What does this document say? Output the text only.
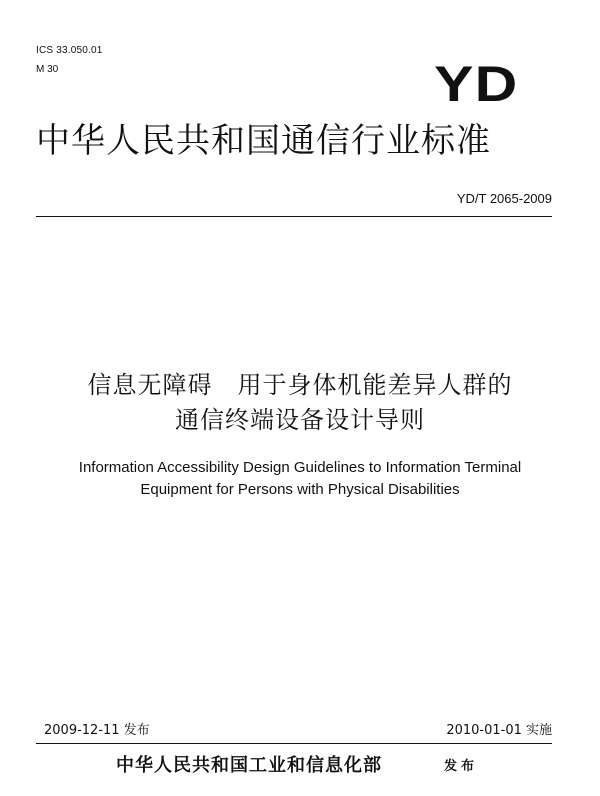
ICS 33.050.01
M 30	YD
中华人民共和国通信行业标准
YD/T 2065-2009
信息无障碍　用于身体机能差异人群的
通信终端设备设计导则
Information Accessibility Design Guidelines to Information Terminal
Equipment for Persons with Physical Disabilities
2009-12-11 发布	2010-01-01 实施
中华人民共和国工业和信息化部	发布
